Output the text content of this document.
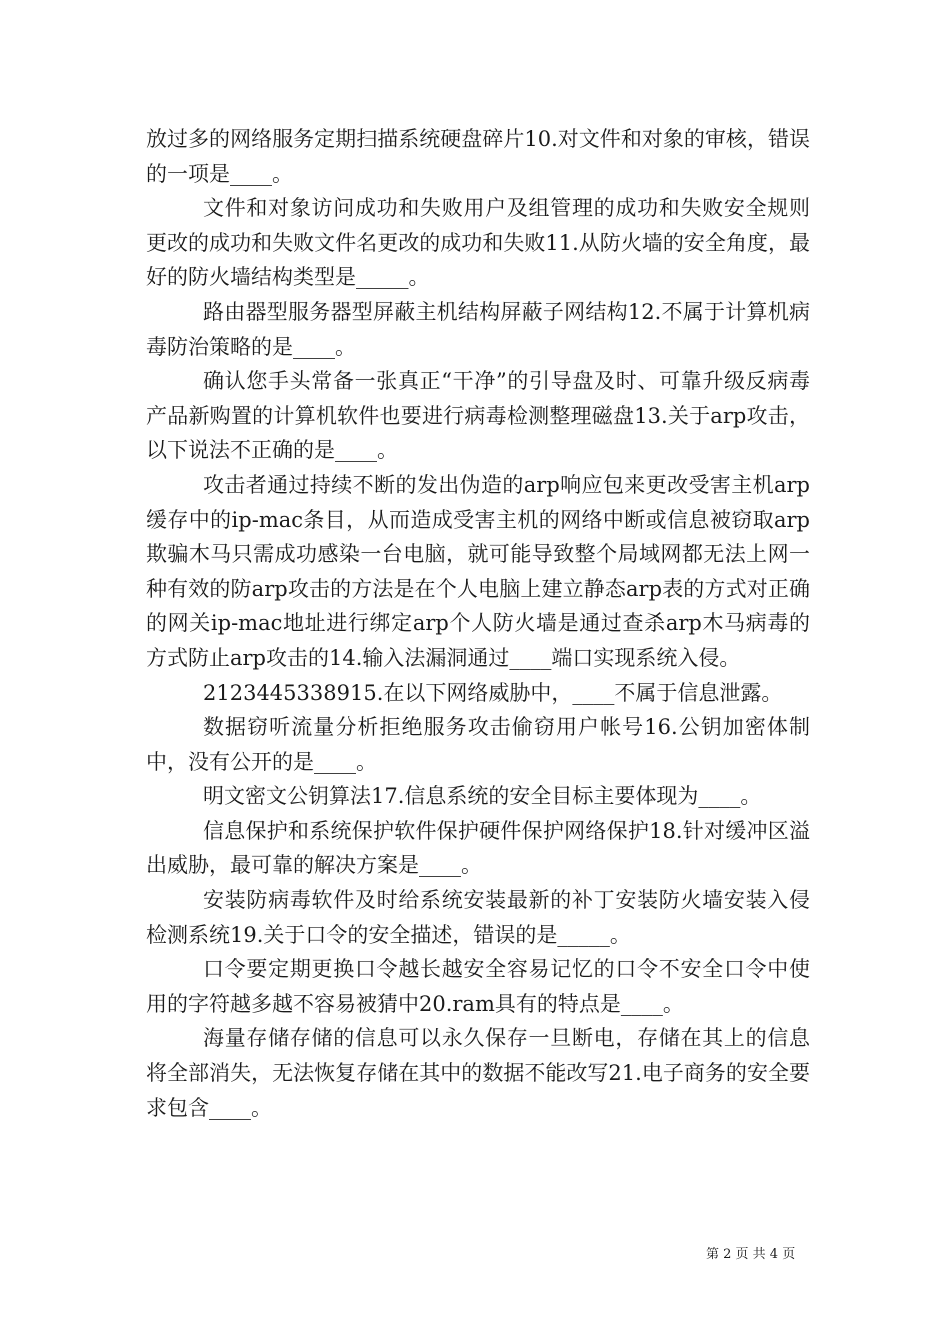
放过多的网络服务定期扫描系统硬盘碎片10.对文件和对象的审核，错误的一项是____。

文件和对象访问成功和失败用户及组管理的成功和失败安全规则更改的成功和失败文件名更改的成功和失败11.从防火墙的安全角度，最好的防火墙结构类型是_____。

路由器型服务器型屏蔽主机结构屏蔽子网结构12.不属于计算机病毒防治策略的是____。

确认您手头常备一张真正“干净”的引导盘及时、可靠升级反病毒产品新购置的计算机软件也要进行病毒检测整理磁盘13.关于arp攻击，以下说法不正确的是____。

攻击者通过持续不断的发出伪造的arp响应包来更改受害主机arp缓存中的ip-mac条目，从而造成受害主机的网络中断或信息被窃取arp欺骗木马只需成功感染一台电脑，就可能导致整个局域网都无法上网一种有效的防arp攻击的方法是在个人电脑上建立静态arp表的方式对正确的网关ip-mac地址进行绑定arp个人防火墙是通过查杀arp木马病毒的方式防止arp攻击的14.输入法漏洞通过____端口实现系统入侵。

2123445338915.在以下网络威胁中，____不属于信息泄露。

数据窃听流量分析拒绝服务攻击偷窃用户帐号16.公钥加密体制中，没有公开的是____。

明文密文公钥算法17.信息系统的安全目标主要体现为____。

信息保护和系统保护软件保护硬件保护网络保护18.针对缓冲区溢出威胁，最可靠的解决方案是____。

安装防病毒软件及时给系统安装最新的补丁安装防火墙安装入侵检测系统19.关于口令的安全描述，错误的是_____。

口令要定期更换口令越长越安全容易记忆的口令不安全口令中使用的字符越多越不容易被猜中20.ram具有的特点是____。

海量存储存储的信息可以永久保存一旦断电，存储在其上的信息将全部消失，无法恢复存储在其中的数据不能改写21.电子商务的安全要求包含____。

第 2 页 共 4 页
